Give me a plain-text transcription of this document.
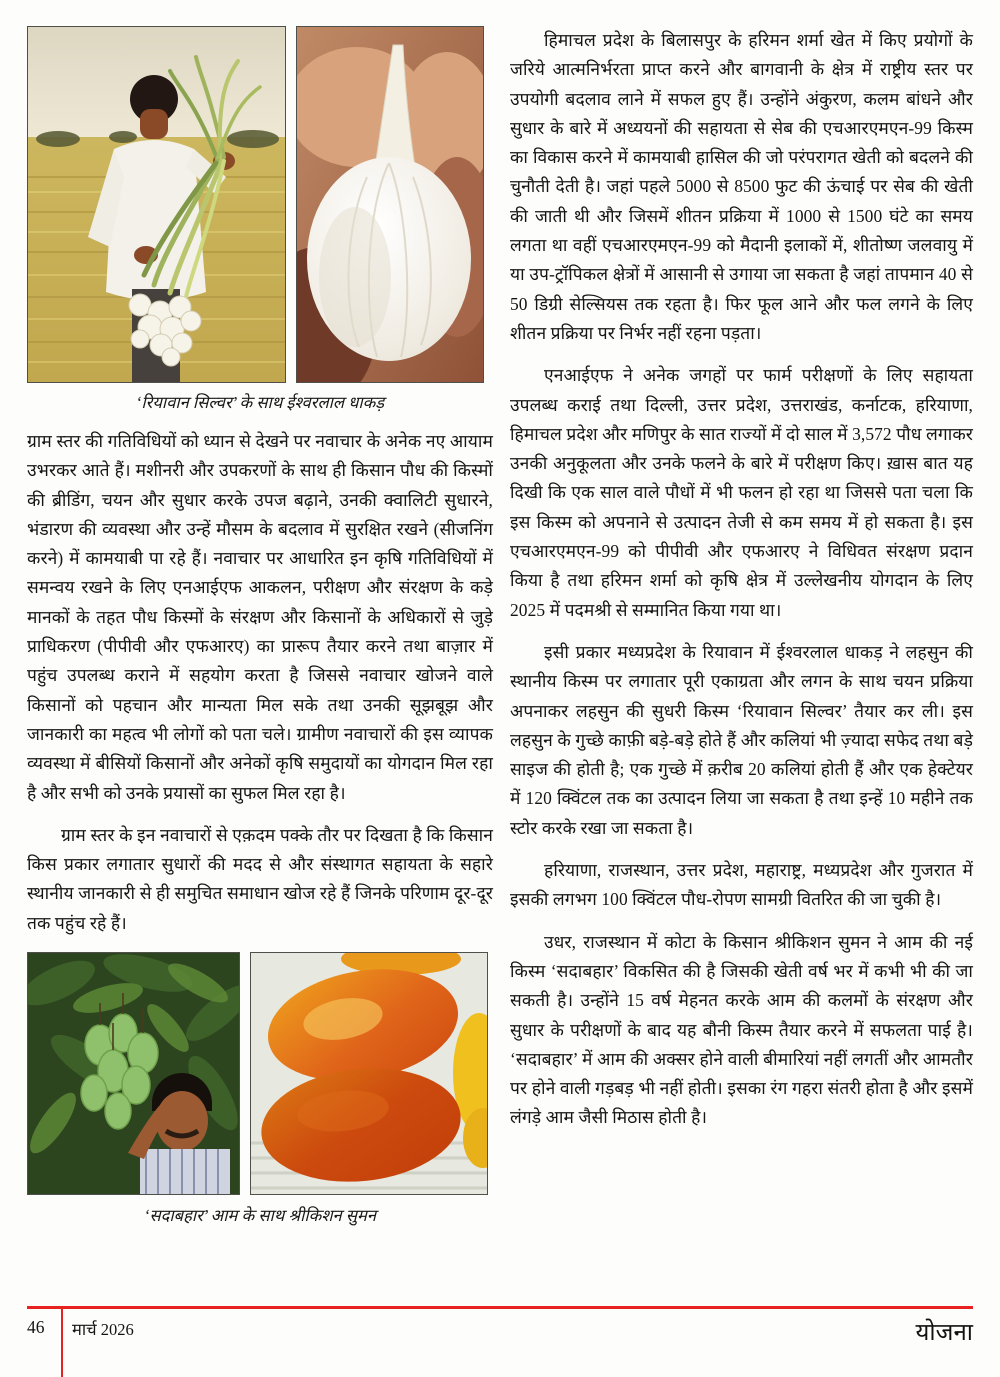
‘रियावान सिल्वर’ के साथ ईश्वरलाल धाकड़

ग्राम स्तर की गतिविधियों को ध्यान से देखने पर नवाचार के अनेक नए आयाम उभरकर आते हैं। मशीनरी और उपकरणों के साथ ही किसान पौध की किस्मों की ब्रीडिंग, चयन और सुधार करके उपज बढ़ाने, उनकी क्वालिटी सुधारने, भंडारण की व्यवस्था और उन्हें मौसम के बदलाव में सुरक्षित रखने (सीजनिंग करने) में कामयाबी पा रहे हैं। नवाचार पर आधारित इन कृषि गतिविधियों में समन्वय रखने के लिए एनआईएफ आकलन, परीक्षण और संरक्षण के कड़े मानकों के तहत पौध किस्मों के संरक्षण और किसानों के अधिकारों से जुड़े प्राधिकरण (पीपीवी और एफआरए) का प्रारूप तैयार करने तथा बाज़ार में पहुंच उपलब्ध कराने में सहयोग करता है जिससे नवाचार खोजने वाले किसानों को पहचान और मान्यता मिल सके तथा उनकी सूझबूझ और जानकारी का महत्व भी लोगों को पता चले। ग्रामीण नवाचारों की इस व्यापक व्यवस्था में बीसियों किसानों और अनेकों कृषि समुदायों का योगदान मिल रहा है और सभी को उनके प्रयासों का सुफल मिल रहा है।

ग्राम स्तर के इन नवाचारों से एक़दम पक्के तौर पर दिखता है कि किसान किस प्रकार लगातार सुधारों की मदद से और संस्थागत सहायता के सहारे स्थानीय जानकारी से ही समुचित समाधान खोज रहे हैं जिनके परिणाम दूर-दूर तक पहुंच रहे हैं।

‘सदाबहार’ आम के साथ श्रीकिशन सुमन

हिमाचल प्रदेश के बिलासपुर के हरिमन शर्मा खेत में किए प्रयोगों के जरिये आत्मनिर्भरता प्राप्त करने और बागवानी के क्षेत्र में राष्ट्रीय स्तर पर उपयोगी बदलाव लाने में सफल हुए हैं। उन्होंने अंकुरण, कलम बांधने और सुधार के बारे में अध्ययनों की सहायता से सेब की एचआरएमएन-99 किस्म का विकास करने में कामयाबी हासिल की जो परंपरागत खेती को बदलने की चुनौती देती है। जहां पहले 5000 से 8500 फुट की ऊंचाई पर सेब की खेती की जाती थी और जिसमें शीतन प्रक्रिया में 1000 से 1500 घंटे का समय लगता था वहीं एचआरएमएन-99 को मैदानी इलाकों में, शीतोष्ण जलवायु में या उप-ट्रॉपिकल क्षेत्रों में आसानी से उगाया जा सकता है जहां तापमान 40 से 50 डिग्री सेल्सियस तक रहता है। फिर फूल आने और फल लगने के लिए शीतन प्रक्रिया पर निर्भर नहीं रहना पड़ता।

एनआईएफ ने अनेक जगहों पर फार्म परीक्षणों के लिए सहायता उपलब्ध कराई तथा दिल्ली, उत्तर प्रदेश, उत्तराखंड, कर्नाटक, हरियाणा, हिमाचल प्रदेश और मणिपुर के सात राज्यों में दो साल में 3,572 पौध लगाकर उनकी अनुकूलता और उनके फलने के बारे में परीक्षण किए। ख़ास बात यह दिखी कि एक साल वाले पौधों में भी फलन हो रहा था जिससे पता चला कि इस किस्म को अपनाने से उत्पादन तेजी से कम समय में हो सकता है। इस एचआरएमएन-99 को पीपीवी और एफआरए ने विधिवत संरक्षण प्रदान किया है तथा हरिमन शर्मा को कृषि क्षेत्र में उल्लेखनीय योगदान के लिए 2025 में पदमश्री से सम्मानित किया गया था।

इसी प्रकार मध्यप्रदेश के रियावान में ईश्वरलाल धाकड़ ने लहसुन की स्थानीय किस्म पर लगातार पूरी एकाग्रता और लगन के साथ चयन प्रक्रिया अपनाकर लहसुन की सुधरी किस्म ‘रियावान सिल्वर’ तैयार कर ली। इस लहसुन के गुच्छे काफ़ी बड़े-बड़े होते हैं और कलियां भी ज़्यादा सफेद तथा बड़े साइज की होती है; एक गुच्छे में क़रीब 20 कलियां होती हैं और एक हेक्टेयर में 120 क्विंटल तक का उत्पादन लिया जा सकता है तथा इन्हें 10 महीने तक स्टोर करके रखा जा सकता है।

हरियाणा, राजस्थान, उत्तर प्रदेश, महाराष्ट्र, मध्यप्रदेश और गुजरात में इसकी लगभग 100 क्विंटल पौध-रोपण सामग्री वितरित की जा चुकी है।

उधर, राजस्थान में कोटा के किसान श्रीकिशन सुमन ने आम की नई किस्म ‘सदाबहार’ विकसित की है जिसकी खेती वर्ष भर में कभी भी की जा सकती है। उन्होंने 15 वर्ष मेहनत करके आम की कलमों के संरक्षण और सुधार के परीक्षणों के बाद यह बौनी किस्म तैयार करने में सफलता पाई है। ‘सदाबहार’ में आम की अक्सर होने वाली बीमारियां नहीं लगतीं और आमतौर पर होने वाली गड़बड़ भी नहीं होती। इसका रंग गहरा संतरी होता है और इसमें लंगड़े आम जैसी मिठास होती है।

46	मार्च 2026	योजना
